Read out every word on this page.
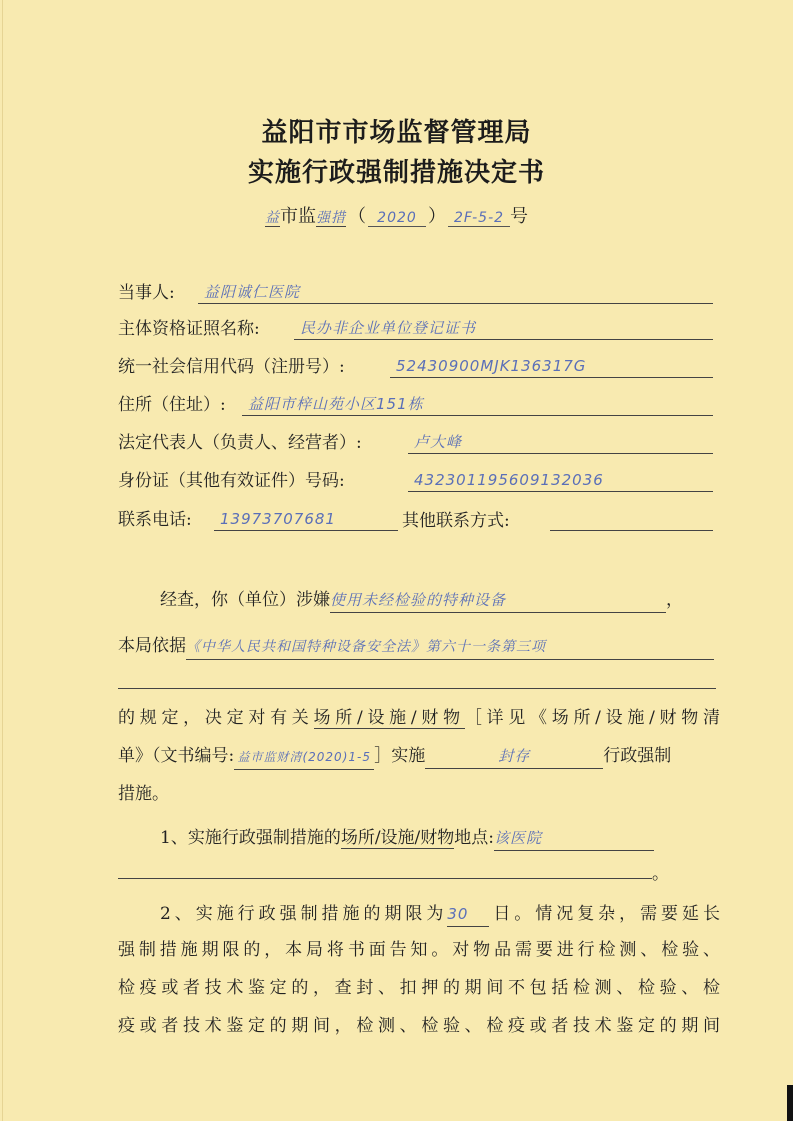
益阳市市场监督管理局
实施行政强制措施决定书
益市监强措 （ 2020 ） 2F-5-2 号
当事人:	益阳诚仁医院
主体资格证照名称:	民办非企业单位登记证书
统一社会信用代码（注册号）:	52430900MJK136317G
住所（住址）:	益阳市梓山苑小区151栋
法定代表人（负责人、经营者）:	卢大峰
身份证（其他有效证件）号码:	432301195609132036
联系电话:	13973707681	其他联系方式:
经查，你（单位）涉嫌使用未经检验的特种设备	，
本局依据《中华人民共和国特种设备安全法》第六十一条第三项
的规定，决定对有关场所/设施/财物［详见《场所/设施/财物清
单》（文书编号: 益市监财清(2020)1-5 ］实施	封存	行政强制
措施。
1、实施行政强制措施的场所/设施/财物地点:该医院
。
2、实施行政强制措施的期限为30 日。情况复杂，需要延长
强制措施期限的，本局将书面告知。对物品需要进行检测、检验、
检疫或者技术鉴定的，查封、扣押的期间不包括检测、检验、检
疫或者技术鉴定的期间，检测、检验、检疫或者技术鉴定的期间
